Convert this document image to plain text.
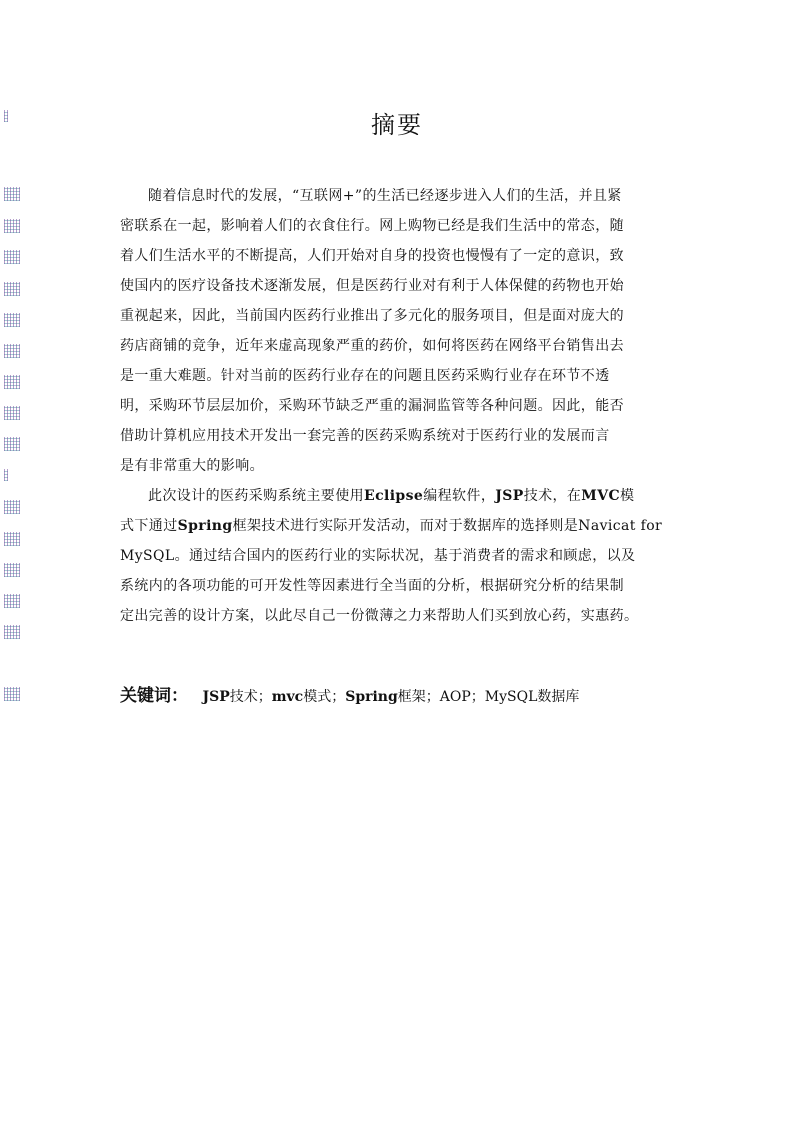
摘要
随着信息时代的发展，“互联网+”的生活已经逐步进入人们的生活，并且紧
密联系在一起，影响着人们的衣食住行。网上购物已经是我们生活中的常态，随
着人们生活水平的不断提高，人们开始对自身的投资也慢慢有了一定的意识，致
使国内的医疗设备技术逐渐发展，但是医药行业对有利于人体保健的药物也开始
重视起来，因此，当前国内医药行业推出了多元化的服务项目，但是面对庞大的
药店商铺的竞争，近年来虚高现象严重的药价，如何将医药在网络平台销售出去
是一重大难题。针对当前的医药行业存在的问题且医药采购行业存在环节不透
明，采购环节层层加价，采购环节缺乏严重的漏洞监管等各种问题。因此，能否
借助计算机应用技术开发出一套完善的医药采购系统对于医药行业的发展而言
是有非常重大的影响。
此次设计的医药采购系统主要使用Eclipse编程软件，JSP技术，在MVC模
式下通过Spring框架技术进行实际开发活动，而对于数据库的选择则是Navicat for
MySQL。通过结合国内的医药行业的实际状况，基于消费者的需求和顾虑，以及
系统内的各项功能的可开发性等因素进行全当面的分析，根据研究分析的结果制
定出完善的设计方案，以此尽自己一份微薄之力来帮助人们买到放心药，实惠药。
关键词： JSP技术；mvc模式；Spring框架；AOP；MySQL数据库
